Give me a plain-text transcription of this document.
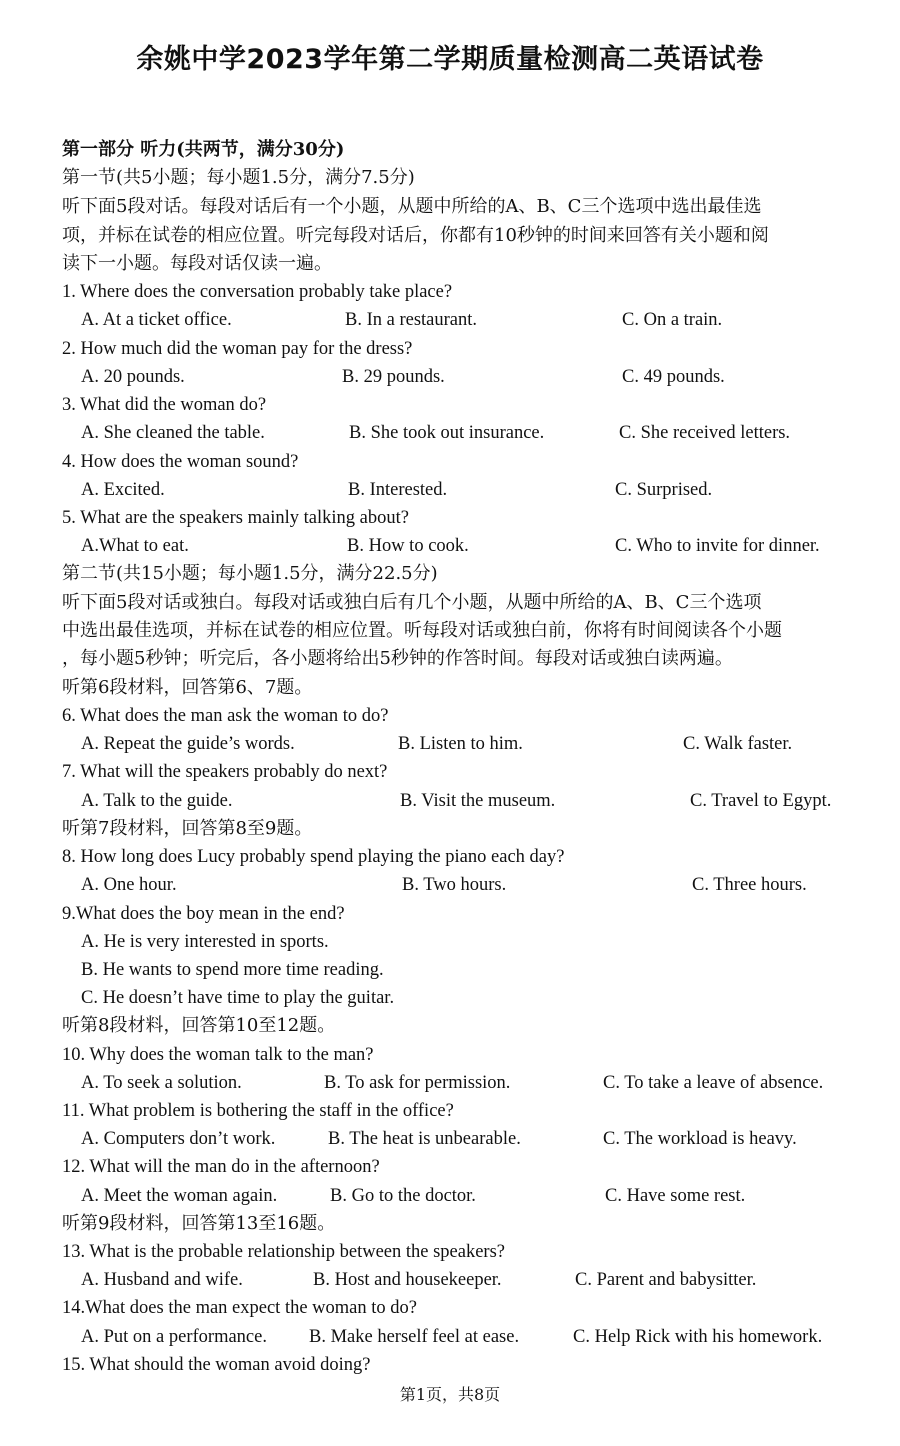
余姚中学2023学年第二学期质量检测高二英语试卷
第一部分 听力(共两节，满分30分)
第一节(共5小题；每小题1.5分，满分7.5分)
听下面5段对话。每段对话后有一个小题，从题中所给的A、B、C三个选项中选出最佳选
项，并标在试卷的相应位置。听完每段对话后，你都有10秒钟的时间来回答有关小题和阅
读下一小题。每段对话仅读一遍。
1. Where does the conversation probably take place?
A. At a ticket office.	B. In a restaurant.	C. On a train.
2. How much did the woman pay for the dress?
A. 20 pounds.	B. 29 pounds.	C. 49 pounds.
3. What did the woman do?
A. She cleaned the table.	B. She took out insurance.	C. She received letters.
4. How does the woman sound?
A. Excited.	B. Interested.	C. Surprised.
5. What are the speakers mainly talking about?
A.What to eat.	B. How to cook.	C. Who to invite for dinner.
第二节(共15小题；每小题1.5分，满分22.5分)
听下面5段对话或独白。每段对话或独白后有几个小题，从题中所给的A、B、C三个选项
中选出最佳选项，并标在试卷的相应位置。听每段对话或独白前，你将有时间阅读各个小题
，每小题5秒钟；听完后，各小题将给出5秒钟的作答时间。每段对话或独白读两遍。
听第6段材料，回答第6、7题。
6. What does the man ask the woman to do?
A. Repeat the guide’s words.	B. Listen to him.	C. Walk faster.
7. What will the speakers probably do next?
A. Talk to the guide.	B. Visit the museum.	C. Travel to Egypt.
听第7段材料，回答第8至9题。
8. How long does Lucy probably spend playing the piano each day?
A. One hour.	B. Two hours.	C. Three hours.
9.What does the boy mean in the end?
A. He is very interested in sports.
B. He wants to spend more time reading.
C. He doesn’t have time to play the guitar.
听第8段材料，回答第10至12题。
10. Why does the woman talk to the man?
A. To seek a solution.	B. To ask for permission.	C. To take a leave of absence.
11. What problem is bothering the staff in the office?
A. Computers don’t work.	B. The heat is unbearable.	C. The workload is heavy.
12. What will the man do in the afternoon?
A. Meet the woman again.	B. Go to the doctor.	C. Have some rest.
听第9段材料，回答第13至16题。
13. What is the probable relationship between the speakers?
A. Husband and wife.	B. Host and housekeeper.	C. Parent and babysitter.
14.What does the man expect the woman to do?
A. Put on a performance. B. Make herself feel at ease.	C. Help Rick with his homework.
15. What should the woman avoid doing?
第1页，共8页
